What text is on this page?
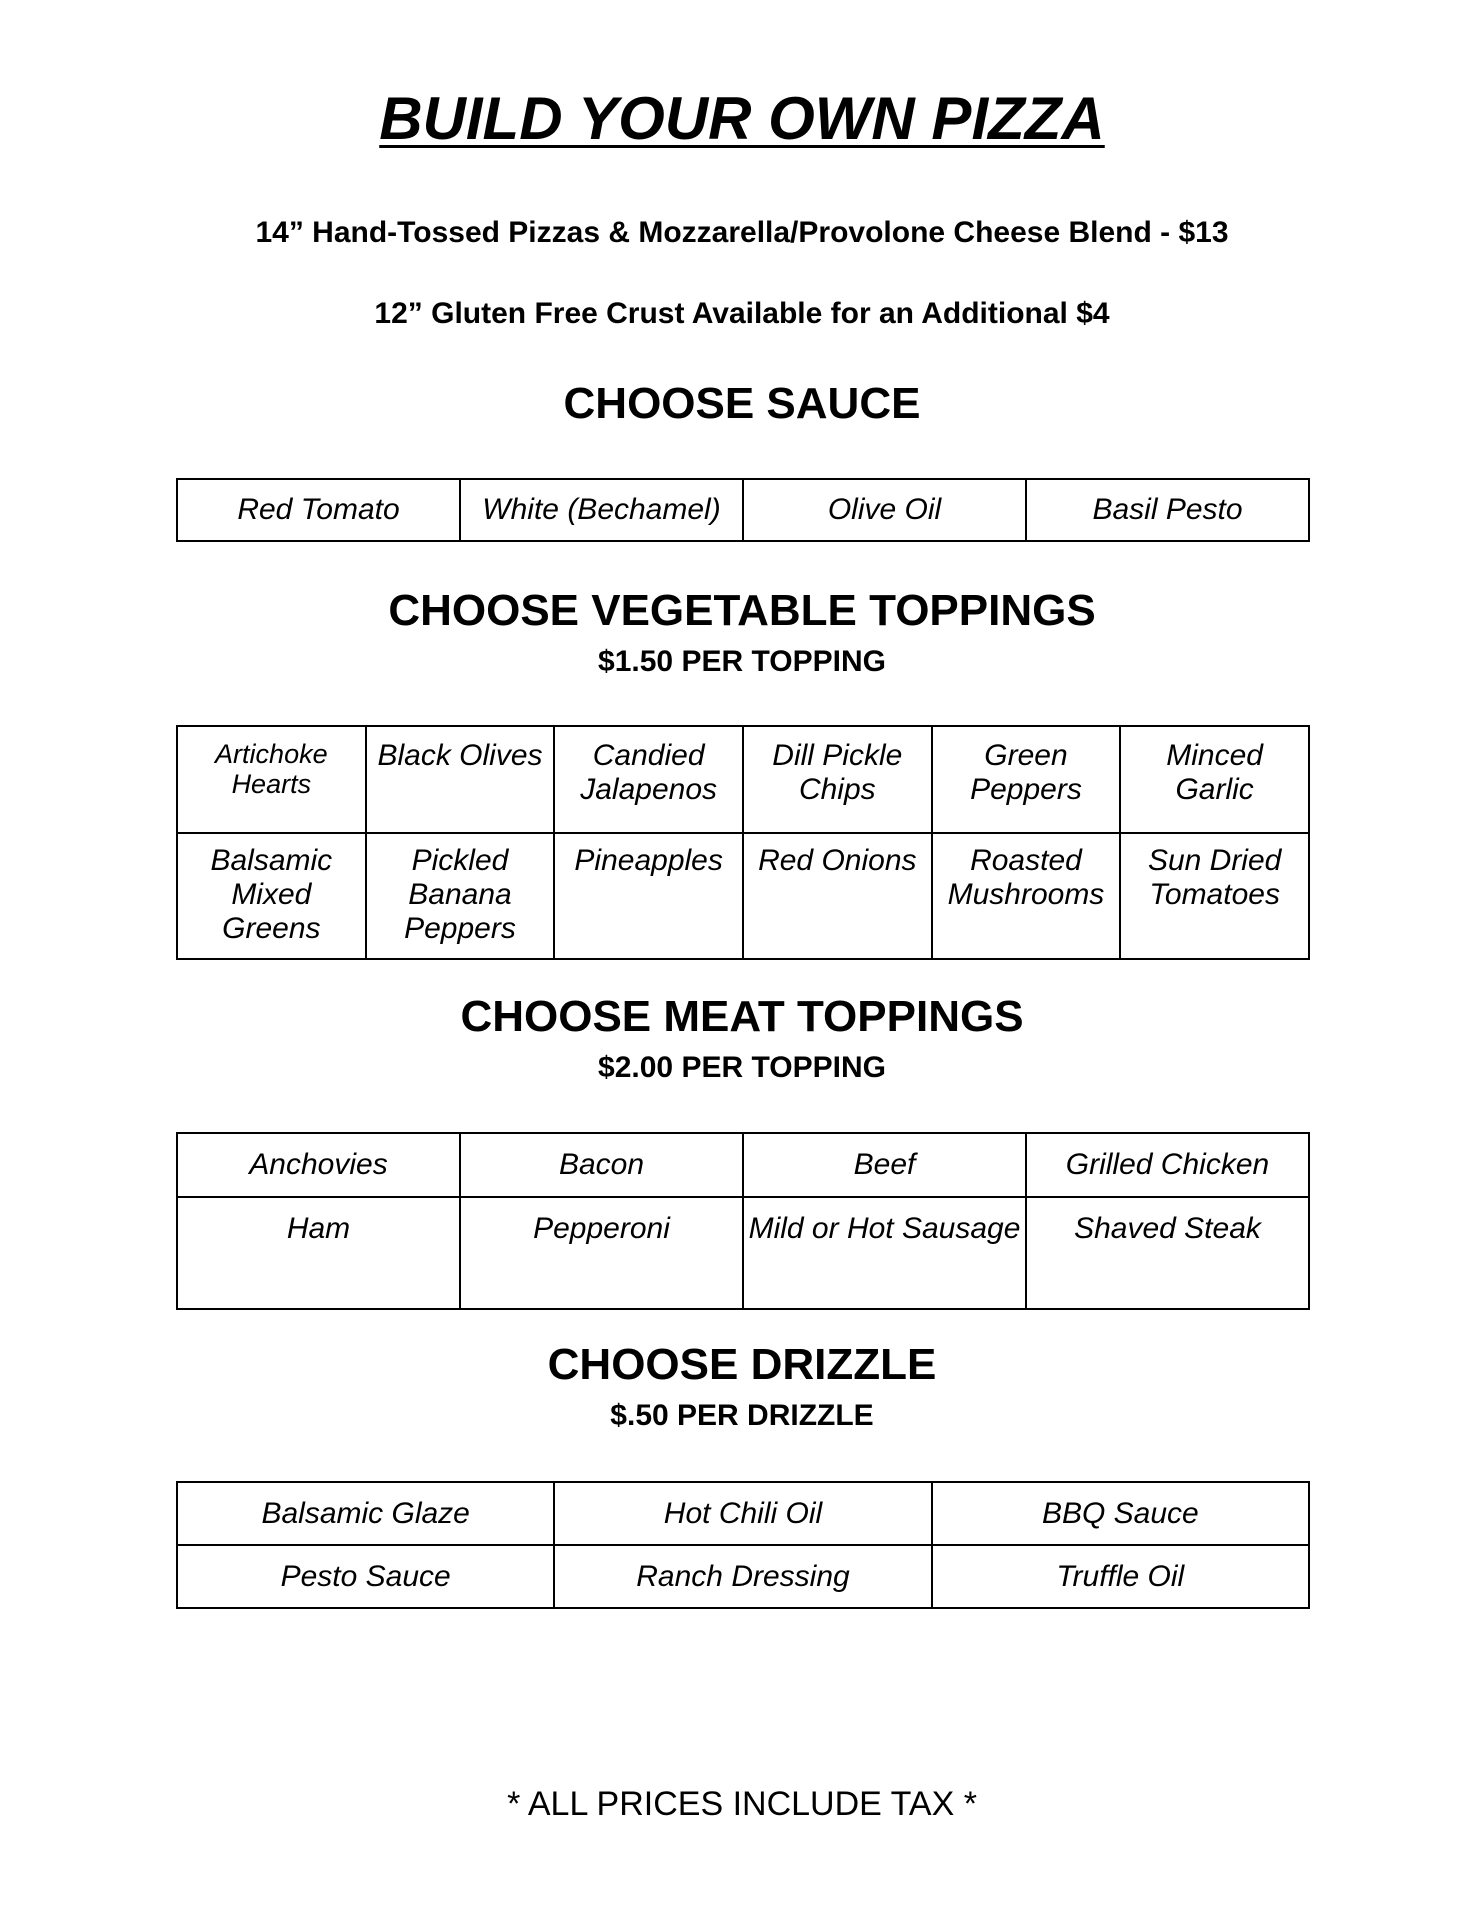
BUILD YOUR OWN PIZZA
14” Hand-Tossed Pizzas & Mozzarella/Provolone Cheese Blend - $13
12” Gluten Free Crust Available for an Additional $4
CHOOSE SAUCE
Red Tomato	White (Bechamel)	Olive Oil	Basil Pesto
CHOOSE VEGETABLE TOPPINGS
$1.50 PER TOPPING
Artichoke Hearts	Black Olives	Candied Jalapenos	Dill Pickle Chips	Green Peppers	Minced Garlic
Balsamic Mixed Greens	Pickled Banana Peppers	Pineapples	Red Onions	Roasted Mushrooms	Sun Dried Tomatoes
CHOOSE MEAT TOPPINGS
$2.00 PER TOPPING
Anchovies	Bacon	Beef	Grilled Chicken
Ham	Pepperoni	Mild or Hot Sausage	Shaved Steak
CHOOSE DRIZZLE
$.50 PER DRIZZLE
Balsamic Glaze	Hot Chili Oil	BBQ Sauce
Pesto Sauce	Ranch Dressing	Truffle Oil
* ALL PRICES INCLUDE TAX *
